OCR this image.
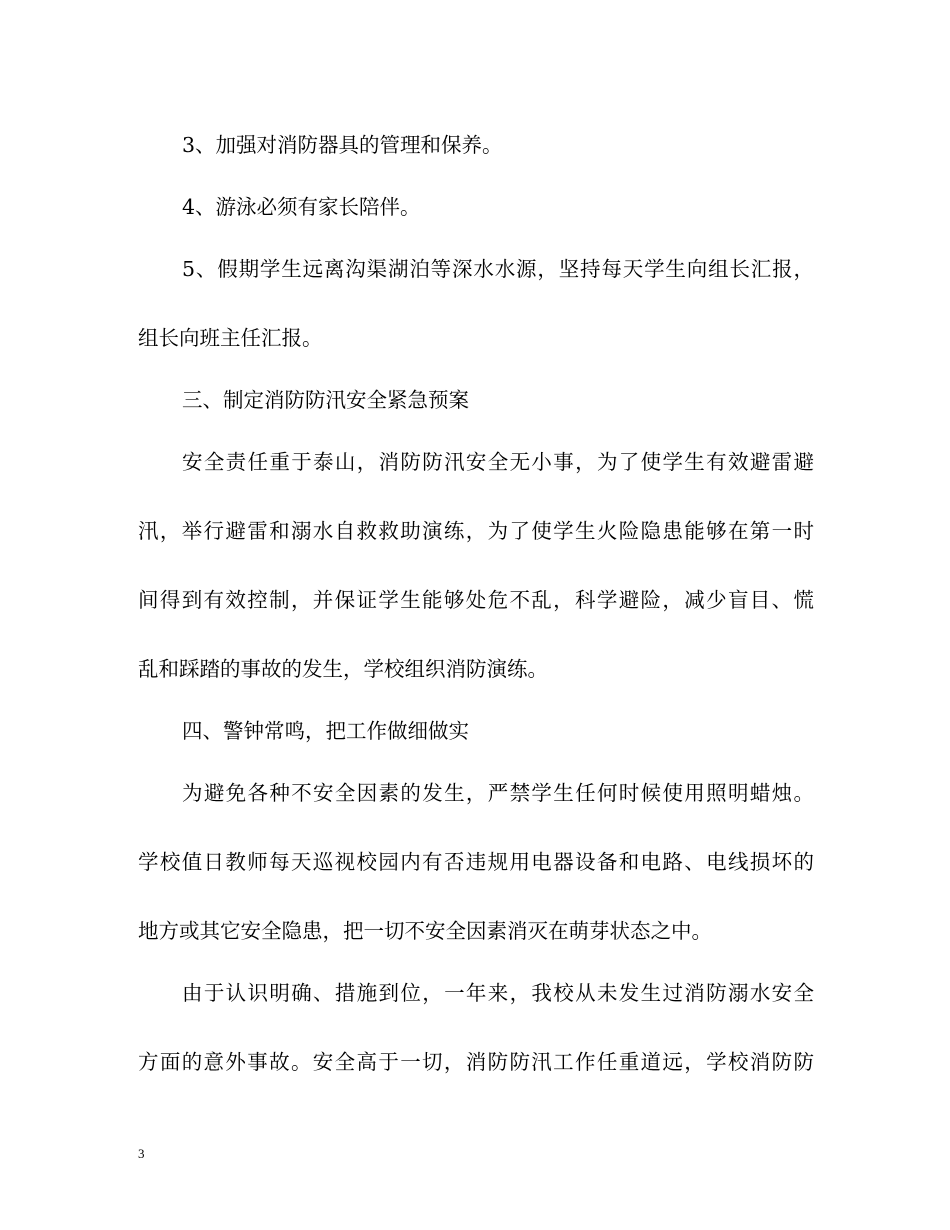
3、加强对消防器具的管理和保养。
4、游泳必须有家长陪伴。
5、假期学生远离沟渠湖泊等深水水源，坚持每天学生向组长汇报，
组长向班主任汇报。
三、制定消防防汛安全紧急预案
安全责任重于泰山，消防防汛安全无小事，为了使学生有效避雷避
汛，举行避雷和溺水自救救助演练，为了使学生火险隐患能够在第一时
间得到有效控制，并保证学生能够处危不乱，科学避险，减少盲目、慌
乱和踩踏的事故的发生，学校组织消防演练。
四、警钟常鸣，把工作做细做实
为避免各种不安全因素的发生，严禁学生任何时候使用照明蜡烛。
学校值日教师每天巡视校园内有否违规用电器设备和电路、电线损坏的
地方或其它安全隐患，把一切不安全因素消灭在萌芽状态之中。
由于认识明确、措施到位，一年来，我校从未发生过消防溺水安全
方面的意外事故。安全高于一切，消防防汛工作任重道远，学校消防防
3
